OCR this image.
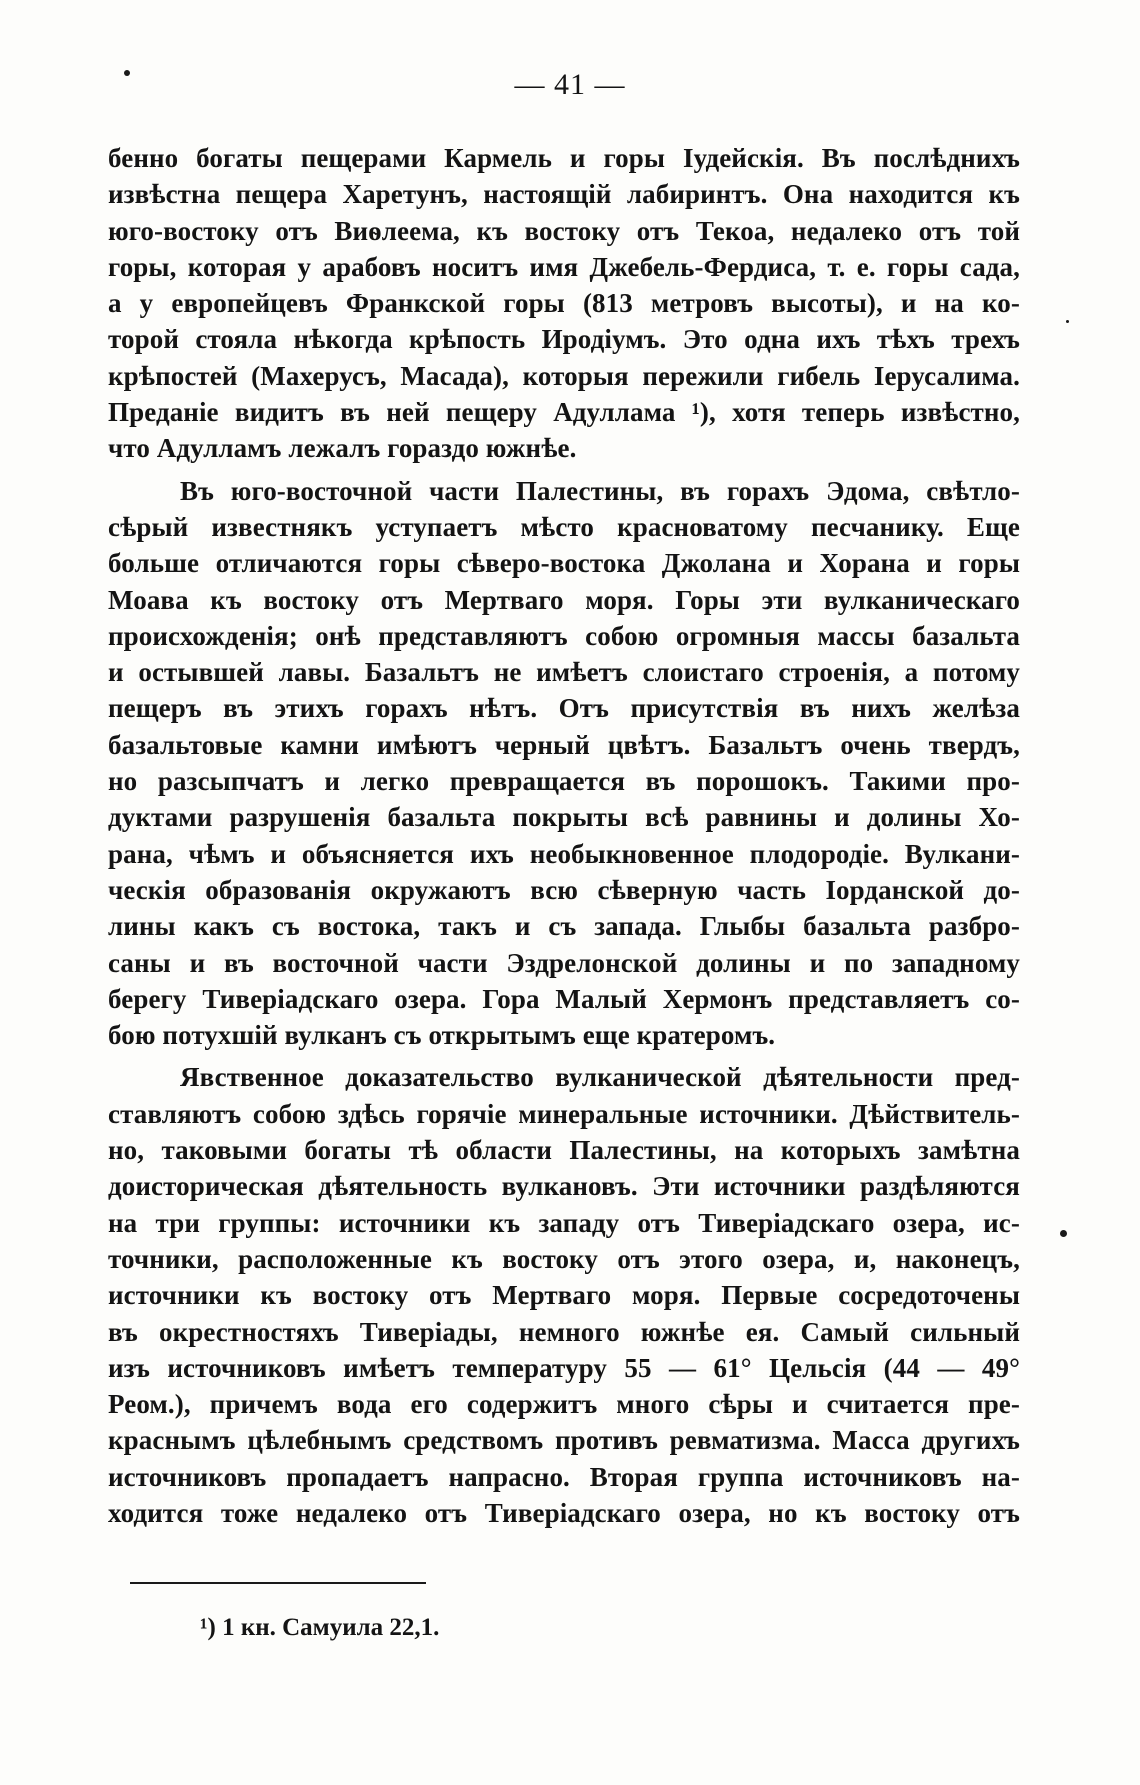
— 41 —
бенно богаты пещерами Кармель и горы Іудейскія. Въ послѣднихъ
извѣстна пещера Харетунъ, настоящій лабиринтъ. Она находится къ
юго-востоку отъ Виѳлеема, къ востоку отъ Текоа, недалеко отъ той
горы, которая у арабовъ носитъ имя Джебель-Фердиса, т. е. горы сада,
а у европейцевъ Франкской горы (813 метровъ высоты), и на ко-
торой стояла нѣкогда крѣпость Иродіумъ. Это одна ихъ тѣхъ трехъ
крѣпостей (Махерусъ, Масада), которыя пережили гибель Іерусалима.
Преданіе видитъ въ ней пещеру Адуллама ¹), хотя теперь извѣстно,
что Адулламъ лежалъ гораздо южнѣе.
Въ юго-восточной части Палестины, въ горахъ Эдома, свѣтло-
сѣрый известнякъ уступаетъ мѣсто красноватому песчанику. Еще
больше отличаются горы сѣверо-востока Джолана и Хорана и горы
Моава къ востоку отъ Мертваго моря. Горы эти вулканическаго
происхожденія; онѣ представляютъ собою огромныя массы базальта
и остывшей лавы. Базальтъ не имѣетъ слоистаго строенія, а потому
пещеръ въ этихъ горахъ нѣтъ. Отъ присутствія въ нихъ желѣза
базальтовые камни имѣютъ черный цвѣтъ. Базальтъ очень твердъ,
но разсыпчатъ и легко превращается въ порошокъ. Такими про-
дуктами разрушенія базальта покрыты всѣ равнины и долины Хо-
рана, чѣмъ и объясняется ихъ необыкновенное плодородіе. Вулкани-
ческія образованія окружаютъ всю сѣверную часть Іорданской до-
лины какъ съ востока, такъ и съ запада. Глыбы базальта разбро-
саны и въ восточной части Эздрелонской долины и по западному
берегу Тиверіадскаго озера. Гора Малый Хермонъ представляетъ со-
бою потухшій вулканъ съ открытымъ еще кратеромъ.
Явственное доказательство вулканической дѣятельности пред-
ставляютъ собою здѣсь горячіе минеральные источники. Дѣйствитель-
но, таковыми богаты тѣ области Палестины, на которыхъ замѣтна
доисторическая дѣятельность вулкановъ. Эти источники раздѣляются
на три группы: источники къ западу отъ Тиверіадскаго озера, ис-
точники, расположенные къ востоку отъ этого озера, и, наконецъ,
источники къ востоку отъ Мертваго моря. Первые сосредоточены
въ окрестностяхъ Тиверіады, немного южнѣе ея. Самый сильный
изъ источниковъ имѣетъ температуру 55 — 61° Цельсія (44 — 49°
Реом.), причемъ вода его содержитъ много сѣры и считается пре-
краснымъ цѣлебнымъ средствомъ противъ ревматизма. Масса другихъ
источниковъ пропадаетъ напрасно. Вторая группа источниковъ на-
ходится тоже недалеко отъ Тиверіадскаго озера, но къ востоку отъ
¹) 1 кн. Самуила 22,1.
